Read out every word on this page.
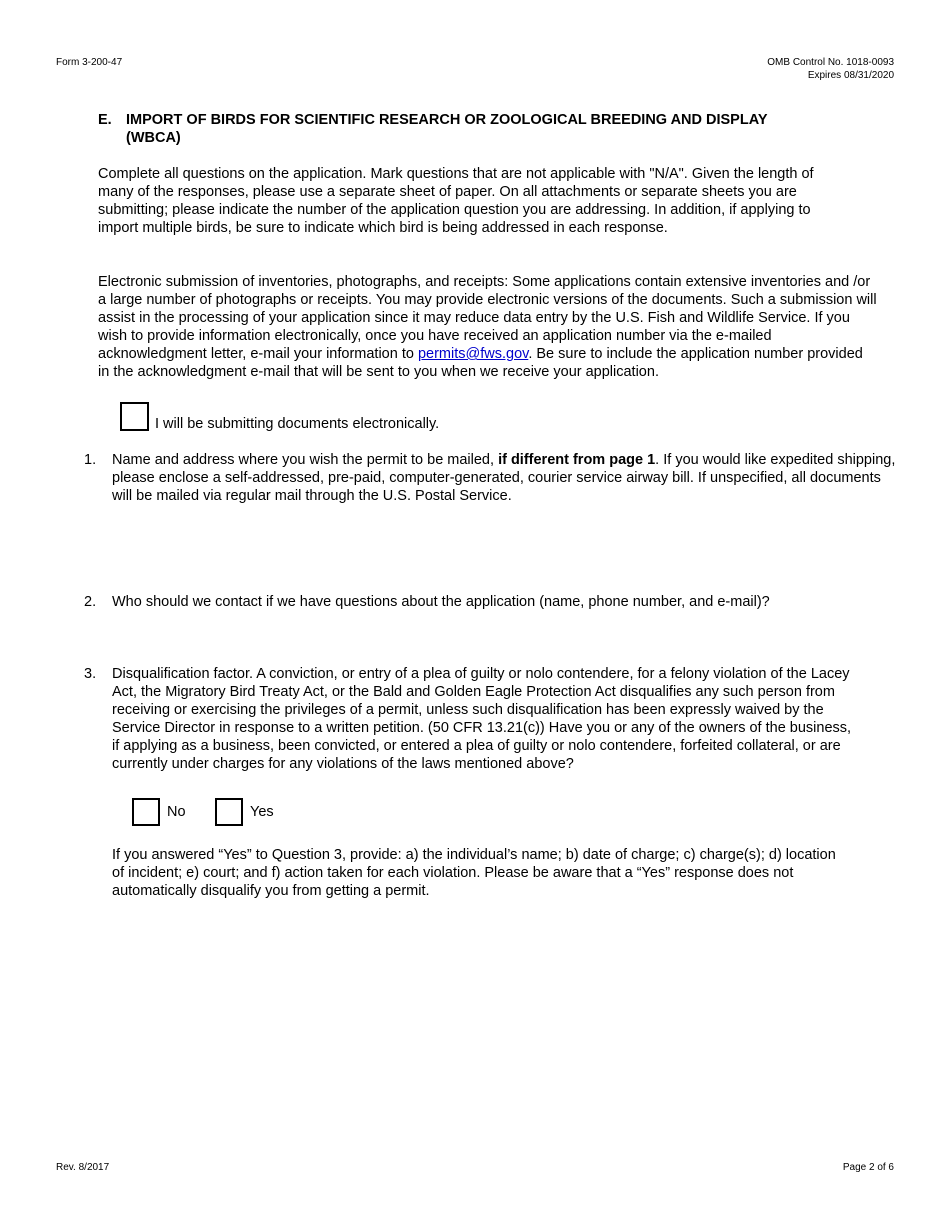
Form 3-200-47	OMB Control No. 1018-0093
Expires 08/31/2020
E. IMPORT OF BIRDS FOR SCIENTIFIC RESEARCH OR ZOOLOGICAL BREEDING AND DISPLAY
(WBCA)

Complete all questions on the application. Mark questions that are not applicable with "N/A". Given the length of many of the responses, please use a separate sheet of paper. On all attachments or separate sheets you are submitting; please indicate the number of the application question you are addressing. In addition, if applying to import multiple birds, be sure to indicate which bird is being addressed in each response.

Electronic submission of inventories, photographs, and receipts: Some applications contain extensive inventories and /or a large number of photographs or receipts. You may provide electronic versions of the documents. Such a submission will assist in the processing of your application since it may reduce data entry by the U.S. Fish and Wildlife Service. If you wish to provide information electronically, once you have received an application number via the e-mailed acknowledgment letter, e-mail your information to permits@fws.gov. Be sure to include the application number provided in the acknowledgment e-mail that will be sent to you when we receive your application.

I will be submitting documents electronically.
1. Name and address where you wish the permit to be mailed, if different from page 1. If you would like expedited shipping, please enclose a self-addressed, pre-paid, computer-generated, courier service airway bill. If unspecified, all documents will be mailed via regular mail through the U.S. Postal Service.

2. Who should we contact if we have questions about the application (name, phone number, and e-mail)?

3. Disqualification factor. A conviction, or entry of a plea of guilty or nolo contendere, for a felony violation of the Lacey Act, the Migratory Bird Treaty Act, or the Bald and Golden Eagle Protection Act disqualifies any such person from receiving or exercising the privileges of a permit, unless such disqualification has been expressly waived by the Service Director in response to a written petition. (50 CFR 13.21(c)) Have you or any of the owners of the business, if applying as a business, been convicted, or entered a plea of guilty or nolo contendere, forfeited collateral, or are currently under charges for any violations of the laws mentioned above?

No	Yes

If you answered “Yes” to Question 3, provide: a) the individual’s name; b) date of charge; c) charge(s); d) location of incident; e) court; and f) action taken for each violation. Please be aware that a “Yes” response does not automatically disqualify you from getting a permit.

Rev. 8/2017	Page 2 of 6
